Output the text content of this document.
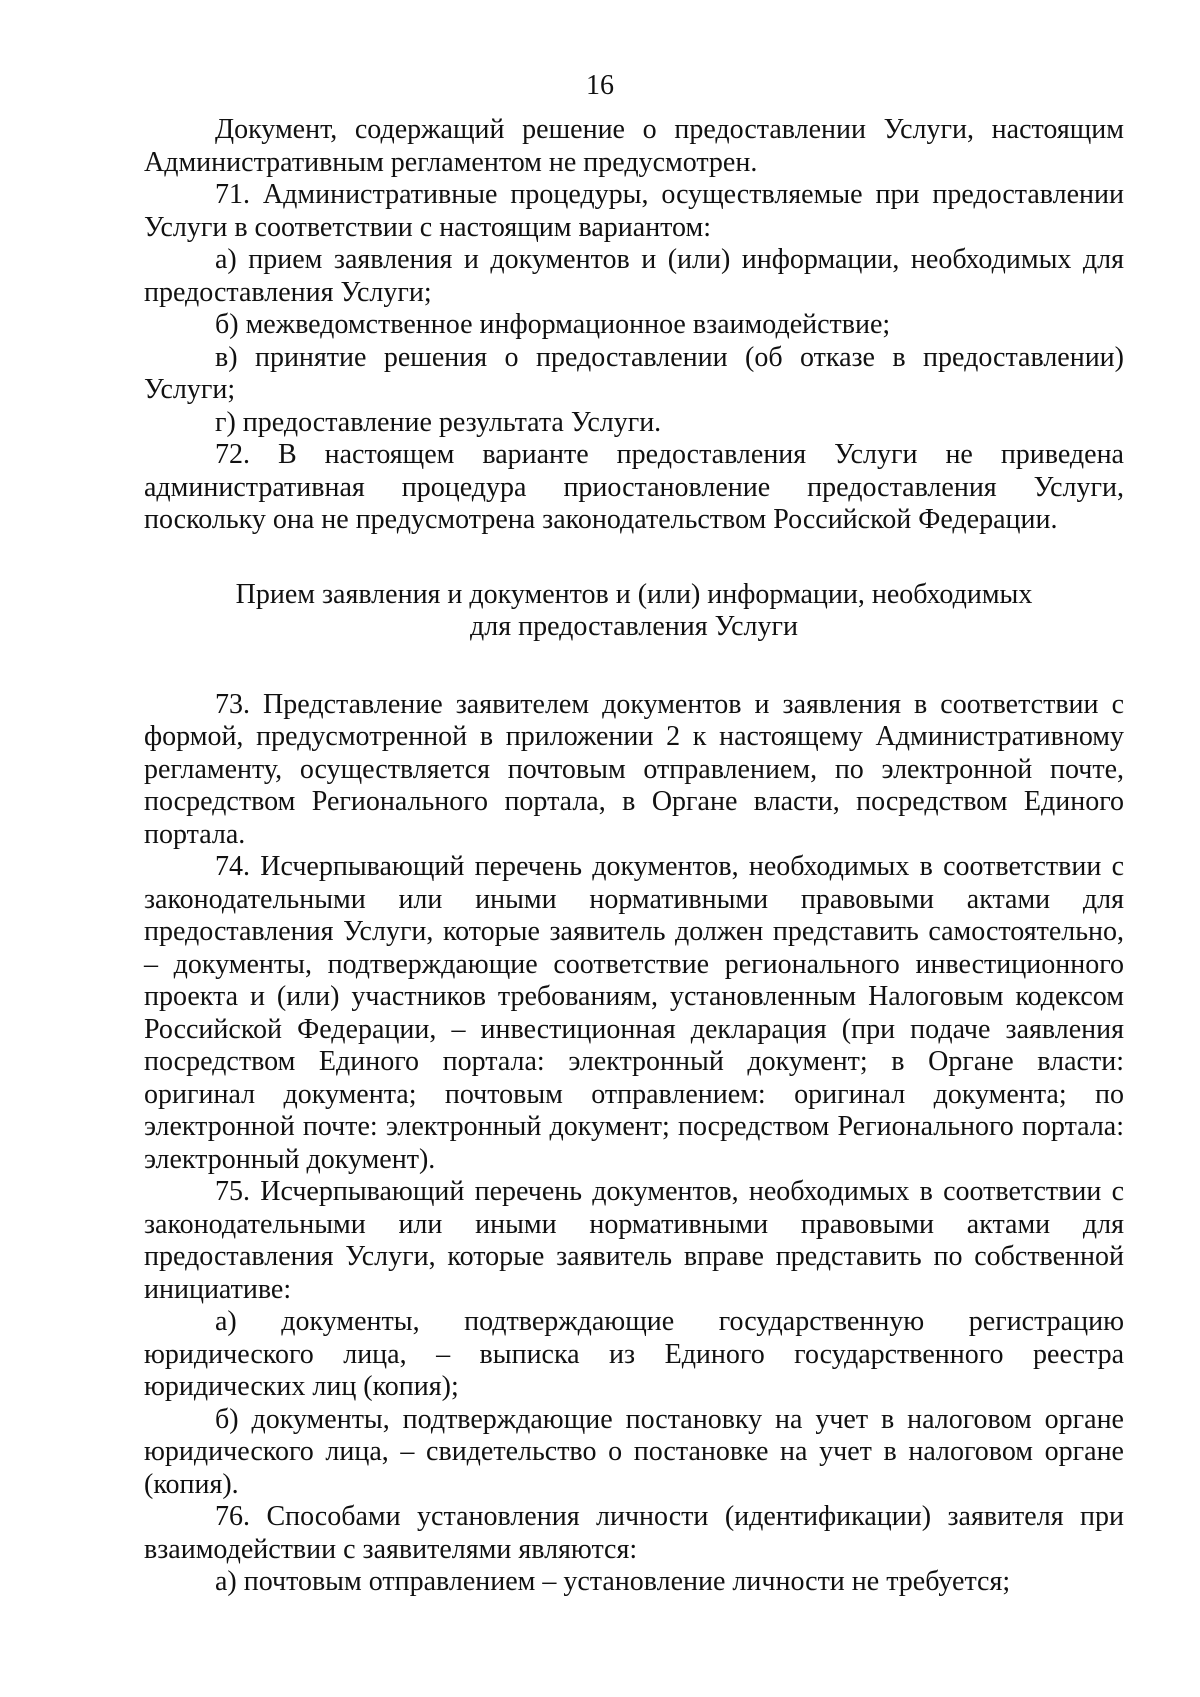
16

Документ, содержащий решение о предоставлении Услуги, настоящим Административным регламентом не предусмотрен.

71. Административные процедуры, осуществляемые при предоставлении Услуги в соответствии с настоящим вариантом:

а) прием заявления и документов и (или) информации, необходимых для предоставления Услуги;

б) межведомственное информационное взаимодействие;

в) принятие решения о предоставлении (об отказе в предоставлении) Услуги;

г) предоставление результата Услуги.

72. В настоящем варианте предоставления Услуги не приведена административная процедура приостановление предоставления Услуги, поскольку она не предусмотрена законодательством Российской Федерации.

Прием заявления и документов и (или) информации, необходимых
для предоставления Услуги

73. Представление заявителем документов и заявления в соответствии с формой, предусмотренной в приложении 2 к настоящему Административному регламенту, осуществляется почтовым отправлением, по электронной почте, посредством Регионального портала, в Органе власти, посредством Единого портала.

74. Исчерпывающий перечень документов, необходимых в соответствии с законодательными или иными нормативными правовыми актами для предоставления Услуги, которые заявитель должен представить самостоятельно, – документы, подтверждающие соответствие регионального инвестиционного проекта и (или) участников требованиям, установленным Налоговым кодексом Российской Федерации, – инвестиционная декларация (при подаче заявления посредством Единого портала: электронный документ; в Органе власти: оригинал документа; почтовым отправлением: оригинал документа; по электронной почте: электронный документ; посредством Регионального портала: электронный документ).

75. Исчерпывающий перечень документов, необходимых в соответствии с законодательными или иными нормативными правовыми актами для предоставления Услуги, которые заявитель вправе представить по собственной инициативе:

а) документы, подтверждающие государственную регистрацию юридического лица, – выписка из Единого государственного реестра юридических лиц (копия);

б) документы, подтверждающие постановку на учет в налоговом органе юридического лица, – свидетельство о постановке на учет в налоговом органе (копия).

76. Способами установления личности (идентификации) заявителя при взаимодействии с заявителями являются:

а) почтовым отправлением – установление личности не требуется;
